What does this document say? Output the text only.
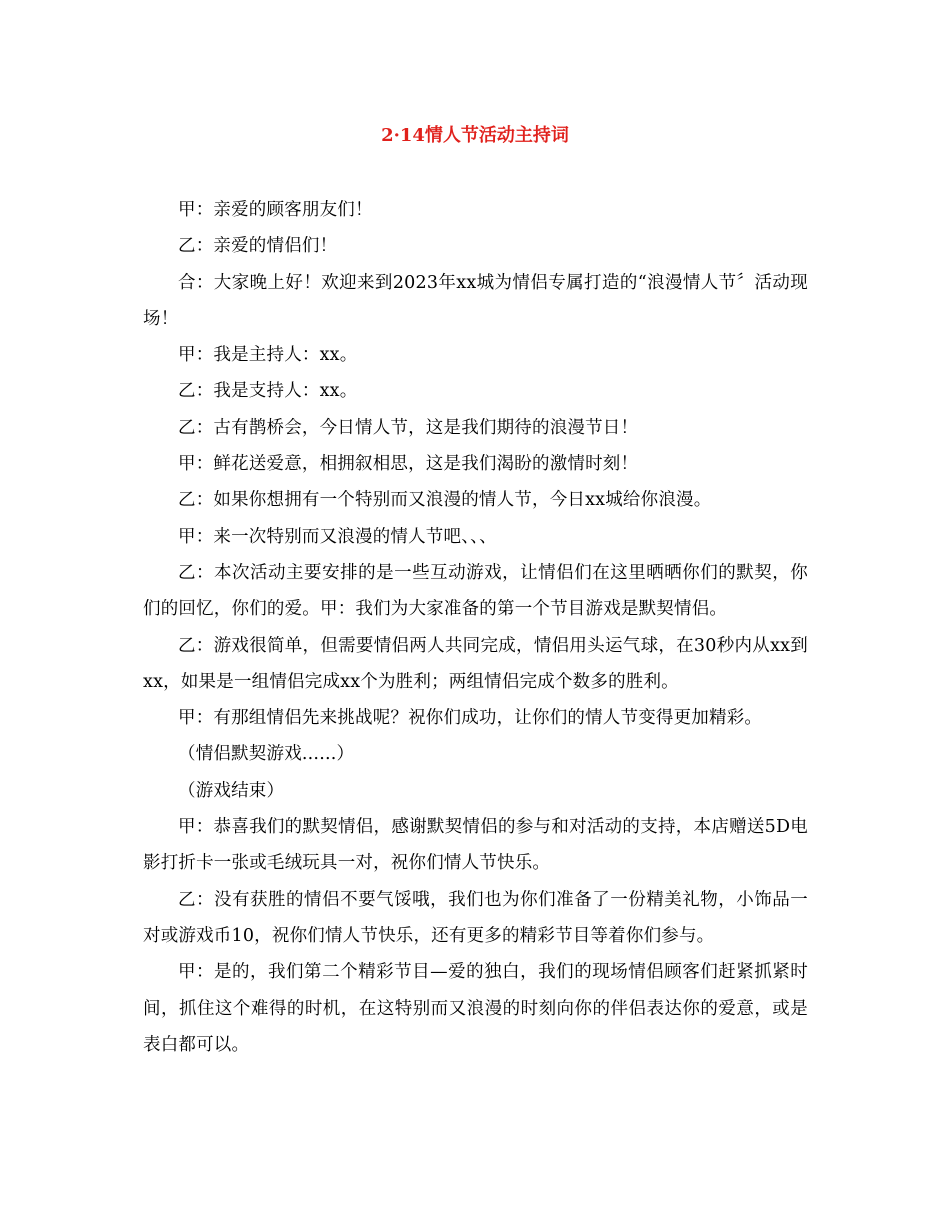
2·14情人节活动主持词

甲：亲爱的顾客朋友们！

乙：亲爱的情侣们！

合：大家晚上好！欢迎来到2023年xx城为情侣专属打造的“浪漫情人节〞活动现场！

甲：我是主持人：xx。

乙：我是支持人：xx。

乙：古有鹊桥会，今日情人节，这是我们期待的浪漫节日！

甲：鲜花送爱意，相拥叙相思，这是我们渴盼的激情时刻！

乙：如果你想拥有一个特别而又浪漫的情人节，今日xx城给你浪漫。

甲：来一次特别而又浪漫的情人节吧、、、

乙：本次活动主要安排的是一些互动游戏，让情侣们在这里晒晒你们的默契，你们的回忆，你们的爱。甲：我们为大家准备的第一个节目游戏是默契情侣。

乙：游戏很简单，但需要情侣两人共同完成，情侣用头运气球，在30秒内从xx到xx，如果是一组情侣完成xx个为胜利；两组情侣完成个数多的胜利。

甲：有那组情侣先来挑战呢？祝你们成功，让你们的情人节变得更加精彩。

（情侣默契游戏......）

（游戏结束）

甲：恭喜我们的默契情侣，感谢默契情侣的参与和对活动的支持，本店赠送5D电影打折卡一张或毛绒玩具一对，祝你们情人节快乐。

乙：没有获胜的情侣不要气馁哦，我们也为你们准备了一份精美礼物，小饰品一对或游戏币10，祝你们情人节快乐，还有更多的精彩节目等着你们参与。

甲：是的，我们第二个精彩节目—爱的独白，我们的现场情侣顾客们赶紧抓紧时间，抓住这个难得的时机，在这特别而又浪漫的时刻向你的伴侣表达你的爱意，或是表白都可以。
